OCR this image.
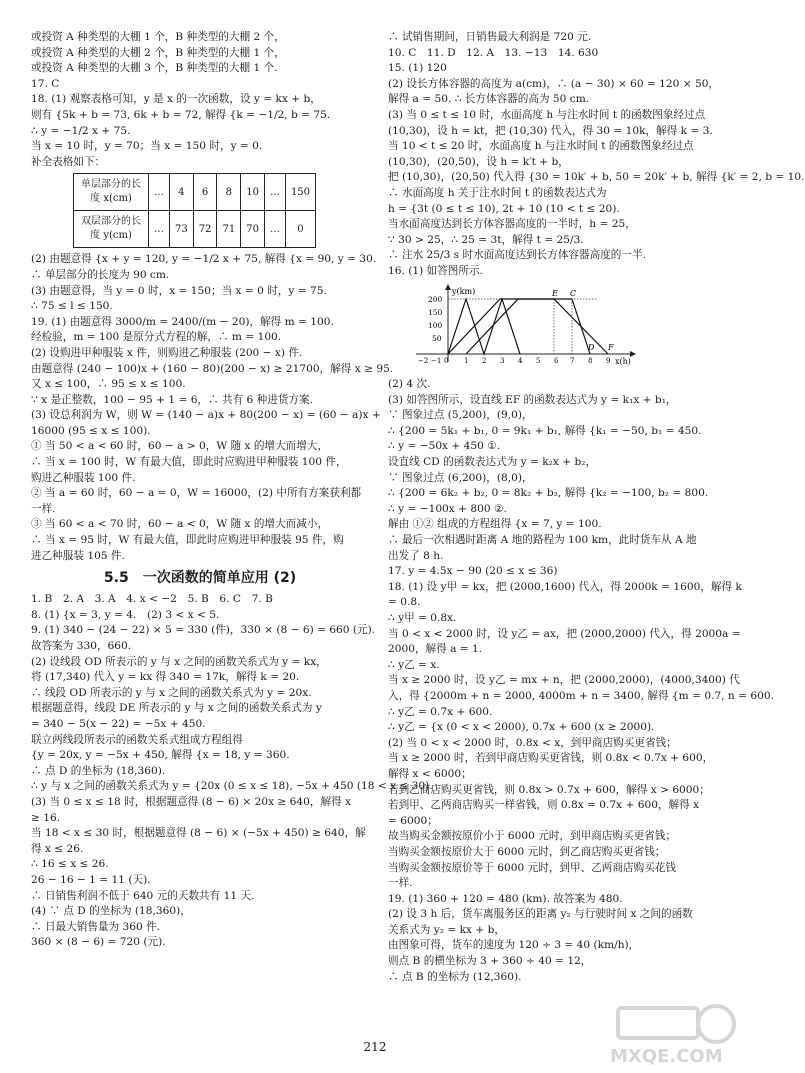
或投资 A 种类型的大棚 1 个，B 种类型的大棚 2 个，
或投资 A 种类型的大棚 2 个，B 种类型的大棚 1 个，
或投资 A 种类型的大棚 3 个，B 种类型的大棚 1 个.
17. C
18. (1) 观察表格可知，y 是 x 的一次函数，设 y = kx + b，
则有 {5k + b = 73, 6k + b = 72, 解得 {k = −1/2, b = 75.
∴ y = −1/2 x + 75.
当 x = 10 时，y = 70；当 x = 150 时，y = 0.
补全表格如下：
单层部分的长度 x(cm)	…	4	6	8	10	…	150
双层部分的长度 y(cm)	…	73	72	71	70	…	0
(2) 由题意得 {x + y = 120, y = −1/2 x + 75, 解得 {x = 90, y = 30.
∴ 单层部分的长度为 90 cm.
(3) 由题意得，当 y = 0 时，x = 150；当 x = 0 时，y = 75.
∴ 75 ≤ l ≤ 150.
19. (1) 由题意得 3000/m = 2400/(m − 20)，解得 m = 100.
经检验，m = 100 是原分式方程的解，∴ m = 100.
(2) 设购进甲种服装 x 件，则购进乙种服装 (200 − x) 件.
由题意得 (240 − 100)x + (160 − 80)(200 − x) ≥ 21700，解得 x ≥ 95.
又 x ≤ 100，∴ 95 ≤ x ≤ 100.
∵ x 是正整数，100 − 95 + 1 = 6，∴ 共有 6 种进货方案.
(3) 设总利润为 W，则 W = (140 − a)x + 80(200 − x) = (60 − a)x +
16000 (95 ≤ x ≤ 100).
① 当 50 < a < 60 时，60 − a > 0，W 随 x 的增大而增大，
∴ 当 x = 100 时，W 有最大值，即此时应购进甲种服装 100 件，
购进乙种服装 100 件.
② 当 a = 60 时，60 − a = 0，W = 16000，(2) 中所有方案获利都
一样.
③ 当 60 < a < 70 时，60 − a < 0，W 随 x 的增大而减小，
∴ 当 x = 95 时，W 有最大值，即此时应购进甲种服装 95 件，购
进乙种服装 105 件.
5.5　一次函数的简单应用 (2)
1. B　2. A　3. A　4. x < −2　5. B　6. C　7. B
8. (1) {x = 3, y = 4.　(2) 3 < x < 5.
9. (1) 340 − (24 − 22) × 5 = 330 (件)，330 × (8 − 6) = 660 (元).
故答案为 330，660.
(2) 设线段 OD 所表示的 y 与 x 之间的函数关系式为 y = kx，
将 (17,340) 代入 y = kx 得 340 = 17k，解得 k = 20.
∴ 线段 OD 所表示的 y 与 x 之间的函数关系式为 y = 20x.
根据题意得，线段 DE 所表示的 y 与 x 之间的函数关系式为 y
= 340 − 5(x − 22) = −5x + 450.
联立两线段所表示的函数关系式组成方程组得
{y = 20x, y = −5x + 450, 解得 {x = 18, y = 360.
∴ 点 D 的坐标为 (18,360).
∴ y 与 x 之间的函数关系式为 y = {20x (0 ≤ x ≤ 18), −5x + 450 (18 < x ≤ 30).
(3) 当 0 ≤ x ≤ 18 时，根据题意得 (8 − 6) × 20x ≥ 640，解得 x
≥ 16.
当 18 < x ≤ 30 时，根据题意得 (8 − 6) × (−5x + 450) ≥ 640，解
得 x ≤ 26.
∴ 16 ≤ x ≤ 26.
26 − 16 − 1 = 11 (天).
∴ 日销售利润不低于 640 元的天数共有 11 天.
(4) ∵ 点 D 的坐标为 (18,360)，
∴ 日最大销售量为 360 件.
360 × (8 − 6) = 720 (元).
∴ 试销售期间，日销售最大利润是 720 元.
10. C　11. D　12. A　13. −13　14. 630
15. (1) 120
(2) 设长方体容器的高度为 a(cm)，∴ (a − 30) × 60 = 120 × 50，
解得 a = 50. ∴ 长方体容器的高为 50 cm.
(3) 当 0 ≤ t ≤ 10 时，水面高度 h 与注水时间 t 的函数图象经过点
(10,30)，设 h = kt，把 (10,30) 代入，得 30 = 10k，解得 k = 3.
当 10 < t ≤ 20 时，水面高度 h 与注水时间 t 的函数图象经过点
(10,30)，(20,50)，设 h = k′t + b，
把 (10,30)，(20,50) 代入得 {30 = 10k′ + b, 50 = 20k′ + b, 解得 {k′ = 2, b = 10.
∴ 水面高度 h 关于注水时间 t 的函数表达式为
h = {3t (0 ≤ t ≤ 10), 2t + 10 (10 < t ≤ 20).
当水面高度达到长方体容器高度的一半时，h = 25，
∵ 30 > 25，∴ 25 = 3t，解得 t = 25/3.
∴ 注水 25/3 s 时水面高度达到长方体容器高度的一半.
16. (1) 如答图所示.
y(km)
x(h)
200
150
100
50
E C
D F
−2 −1 0 1 2 3 4 5 6 7 8 9
(2) 4 次.
(3) 如答图所示，设直线 EF 的函数表达式为 y = k₁x + b₁，
∵ 图象过点 (5,200)，(9,0)，
∴ {200 = 5k₁ + b₁, 0 = 9k₁ + b₁, 解得 {k₁ = −50, b₁ = 450.
∴ y = −50x + 450 ①.
设直线 CD 的函数表达式为 y = k₂x + b₂，
∵ 图象过点 (6,200)，(8,0)，
∴ {200 = 6k₂ + b₂, 0 = 8k₂ + b₂, 解得 {k₂ = −100, b₂ = 800.
∴ y = −100x + 800 ②.
解由 ①② 组成的方程组得 {x = 7, y = 100.
∴ 最后一次相遇时距离 A 地的路程为 100 km，此时货车从 A 地
出发了 8 h.
17. y = 4.5x − 90 (20 ≤ x ≤ 36)
18. (1) 设 y甲 = kx，把 (2000,1600) 代入，得 2000k = 1600，解得 k
= 0.8.
∴ y甲 = 0.8x.
当 0 < x < 2000 时，设 y乙 = ax，把 (2000,2000) 代入，得 2000a =
2000，解得 a = 1.
∴ y乙 = x.
当 x ≥ 2000 时，设 y乙 = mx + n，把 (2000,2000)，(4000,3400) 代
入，得 {2000m + n = 2000, 4000m + n = 3400, 解得 {m = 0.7, n = 600.
∴ y乙 = 0.7x + 600.
∴ y乙 = {x (0 < x < 2000), 0.7x + 600 (x ≥ 2000).
(2) 当 0 < x < 2000 时，0.8x < x，到甲商店购买更省钱；
当 x ≥ 2000 时，若到甲商店购买更省钱，则 0.8x < 0.7x + 600，
解得 x < 6000；
若到乙商店购买更省钱，则 0.8x > 0.7x + 600，解得 x > 6000；
若到甲、乙两商店购买一样省钱，则 0.8x = 0.7x + 600，解得 x
= 6000；
故当购买金额按原价小于 6000 元时，到甲商店购买更省钱；
当购买金额按原价大于 6000 元时，到乙商店购买更省钱；
当购买金额按原价等于 6000 元时，到甲、乙两商店购买花钱
一样.
19. (1) 360 + 120 = 480 (km). 故答案为 480.
(2) 设 3 h 后，货车离服务区的距离 y₂ 与行驶时间 x 之间的函数
关系式为 y₂ = kx + b，
由图象可得，货车的速度为 120 ÷ 3 = 40 (km/h)，
则点 B 的横坐标为 3 + 360 ÷ 40 = 12，
∴ 点 B 的坐标为 (12,360).
212	MXQE.COM
